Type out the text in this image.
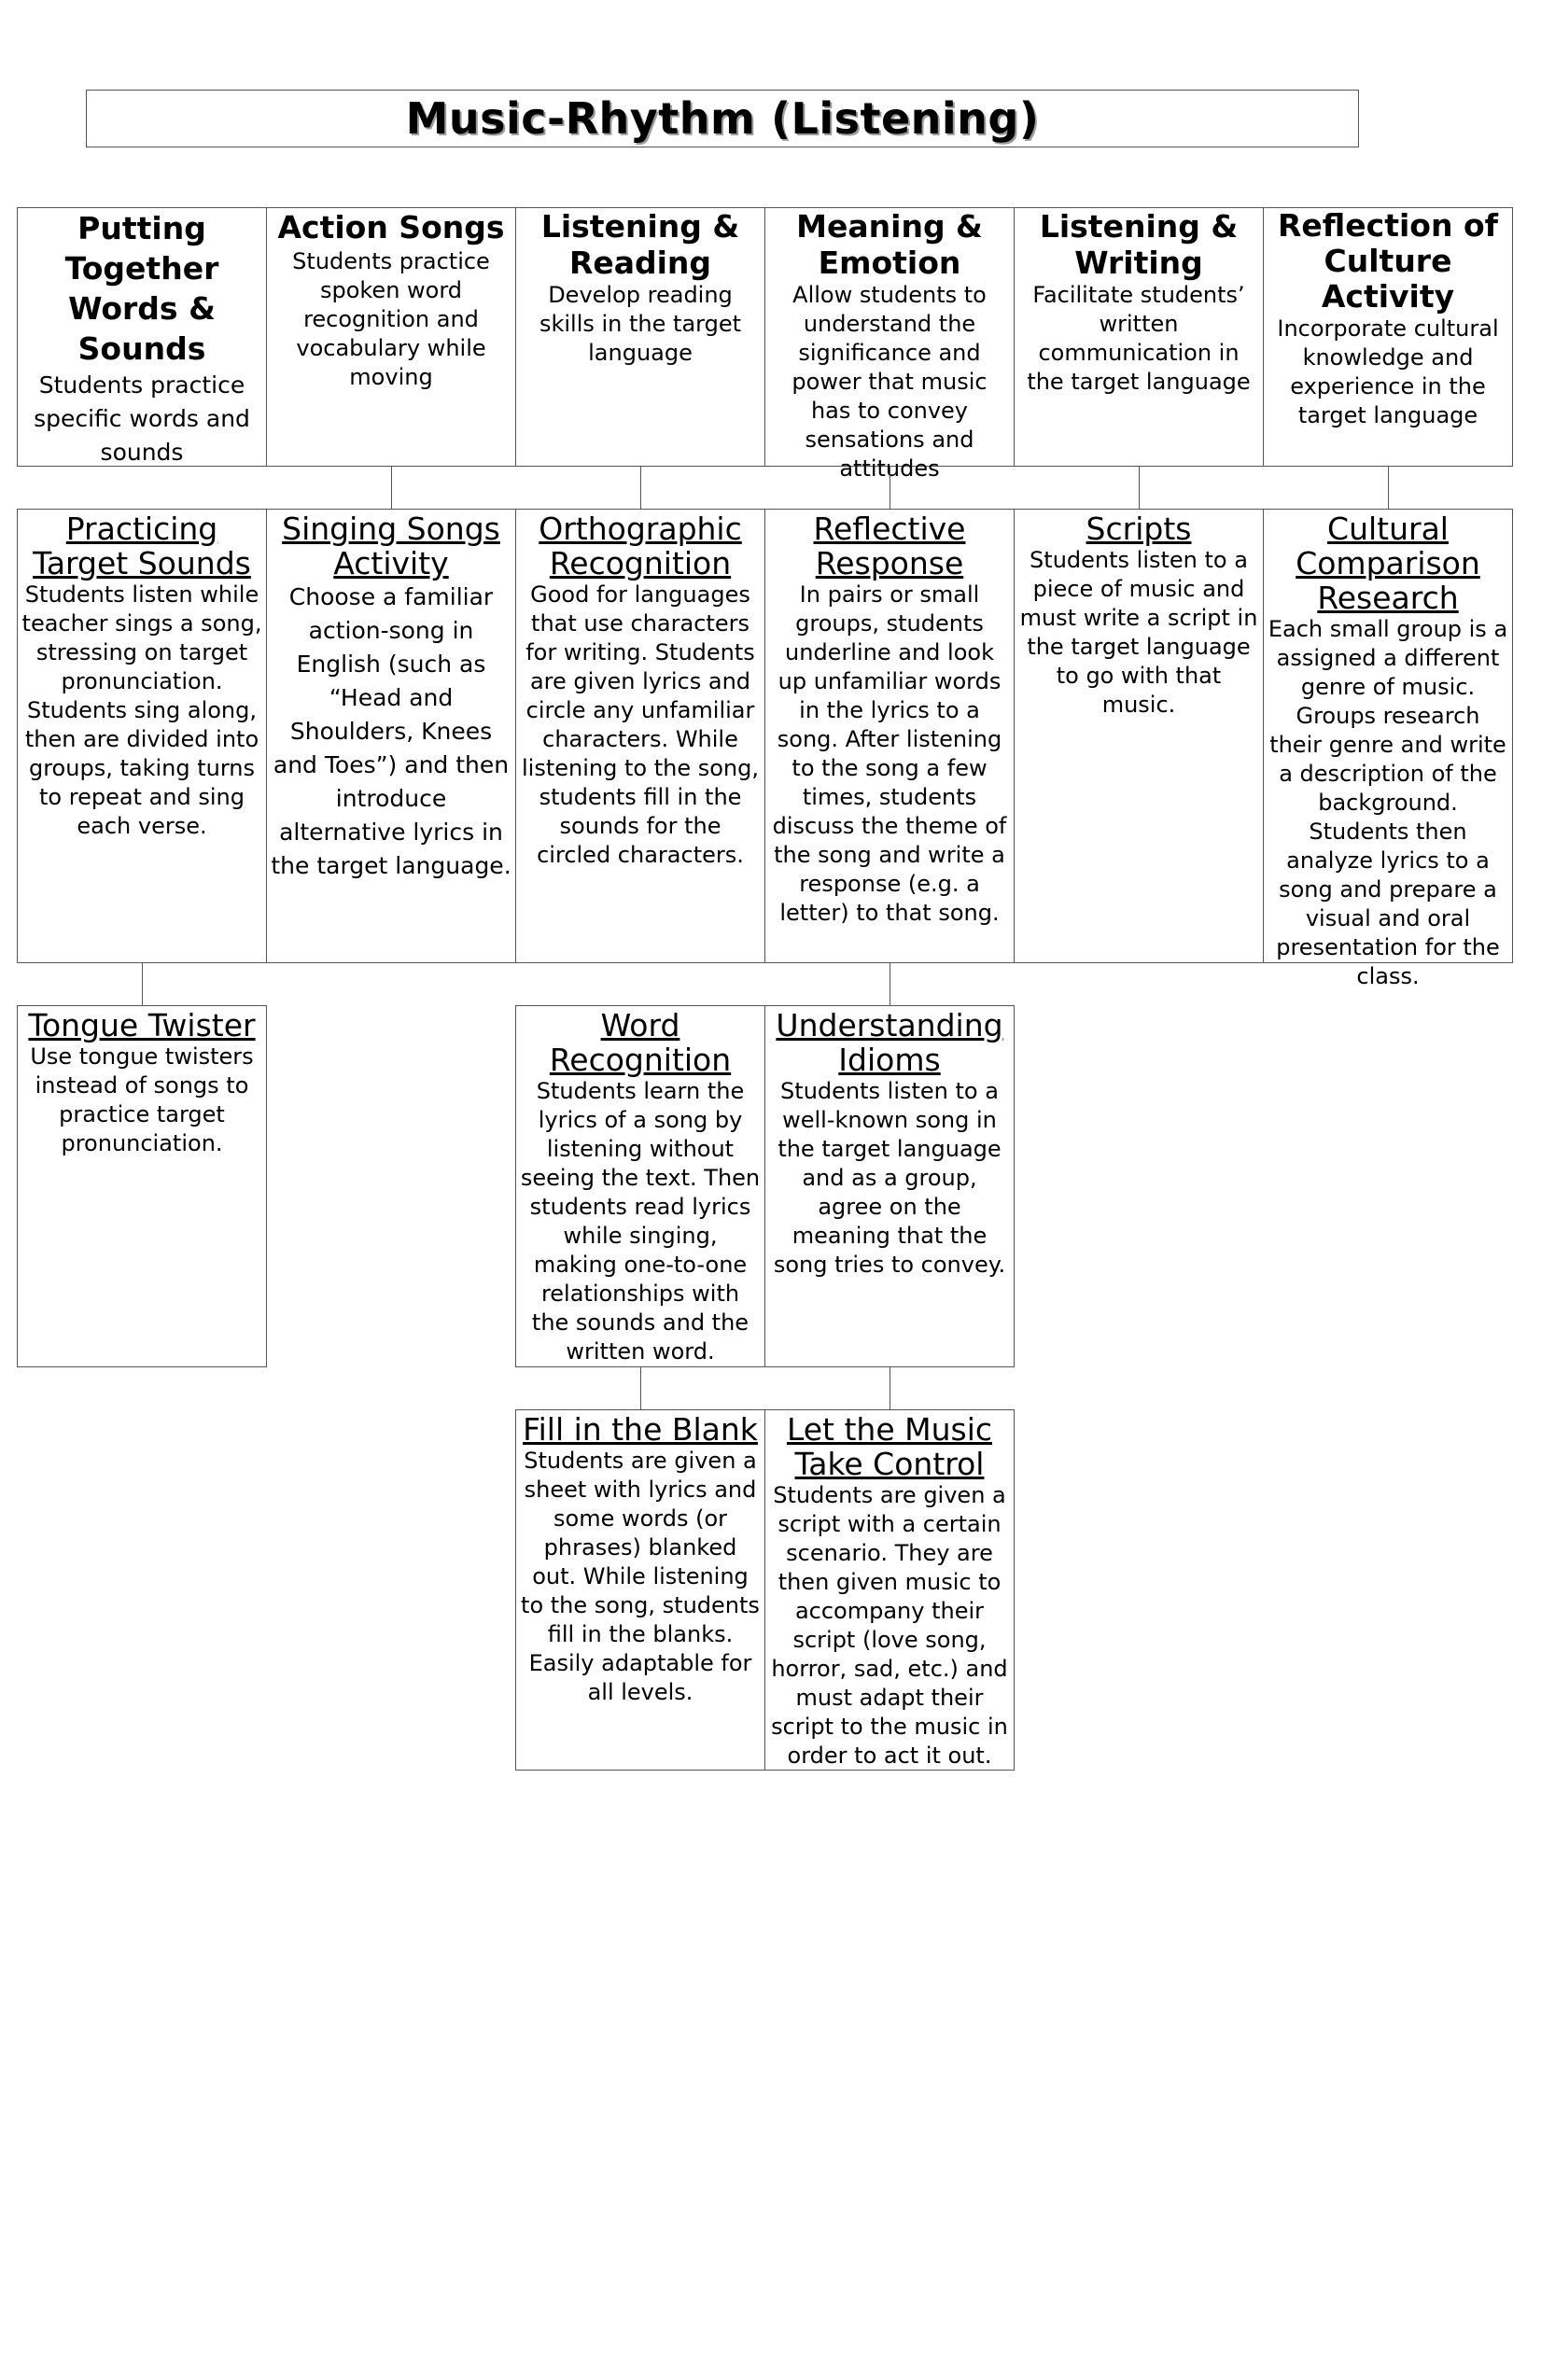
Music-Rhythm (Listening)
Putting Together Words & Sounds
Students practice specific words and sounds
Action Songs
Students practice spoken word recognition and vocabulary while moving
Listening & Reading
Develop reading skills in the target language
Meaning & Emotion
Allow students to understand the significance and power that music has to convey sensations and attitudes
Listening & Writing
Facilitate students’ written communication in the target language
Reflection of Culture Activity
Incorporate cultural knowledge and experience in the target language
Practicing Target Sounds
Students listen while teacher sings a song, stressing on target pronunciation. Students sing along, then are divided into groups, taking turns to repeat and sing each verse.
Singing Songs Activity
Choose a familiar action-song in English (such as “Head and Shoulders, Knees and Toes”) and then introduce alternative lyrics in the target language.
Orthographic Recognition
Good for languages that use characters for writing. Students are given lyrics and circle any unfamiliar characters. While listening to the song, students fill in the sounds for the circled characters.
Reflective Response
In pairs or small groups, students underline and look up unfamiliar words in the lyrics to a song. After listening to the song a few times, students discuss the theme of the song and write a response (e.g. a letter) to that song.
Scripts
Students listen to a piece of music and must write a script in the target language to go with that music.
Cultural Comparison Research
Each small group is a assigned a different genre of music. Groups research their genre and write a description of the background. Students then analyze lyrics to a song and prepare a visual and oral presentation for the class.
Tongue Twister
Use tongue twisters instead of songs to practice target pronunciation.
Word Recognition
Students learn the lyrics of a song by listening without seeing the text. Then students read lyrics while singing, making one-to-one relationships with the sounds and the written word.
Understanding Idioms
Students listen to a well-known song in the target language and as a group, agree on the meaning that the song tries to convey.
Fill in the Blank
Students are given a sheet with lyrics and some words (or phrases) blanked out. While listening to the song, students fill in the blanks. Easily adaptable for all levels.
Let the Music Take Control
Students are given a script with a certain scenario. They are then given music to accompany their script (love song, horror, sad, etc.) and must adapt their script to the music in order to act it out.
